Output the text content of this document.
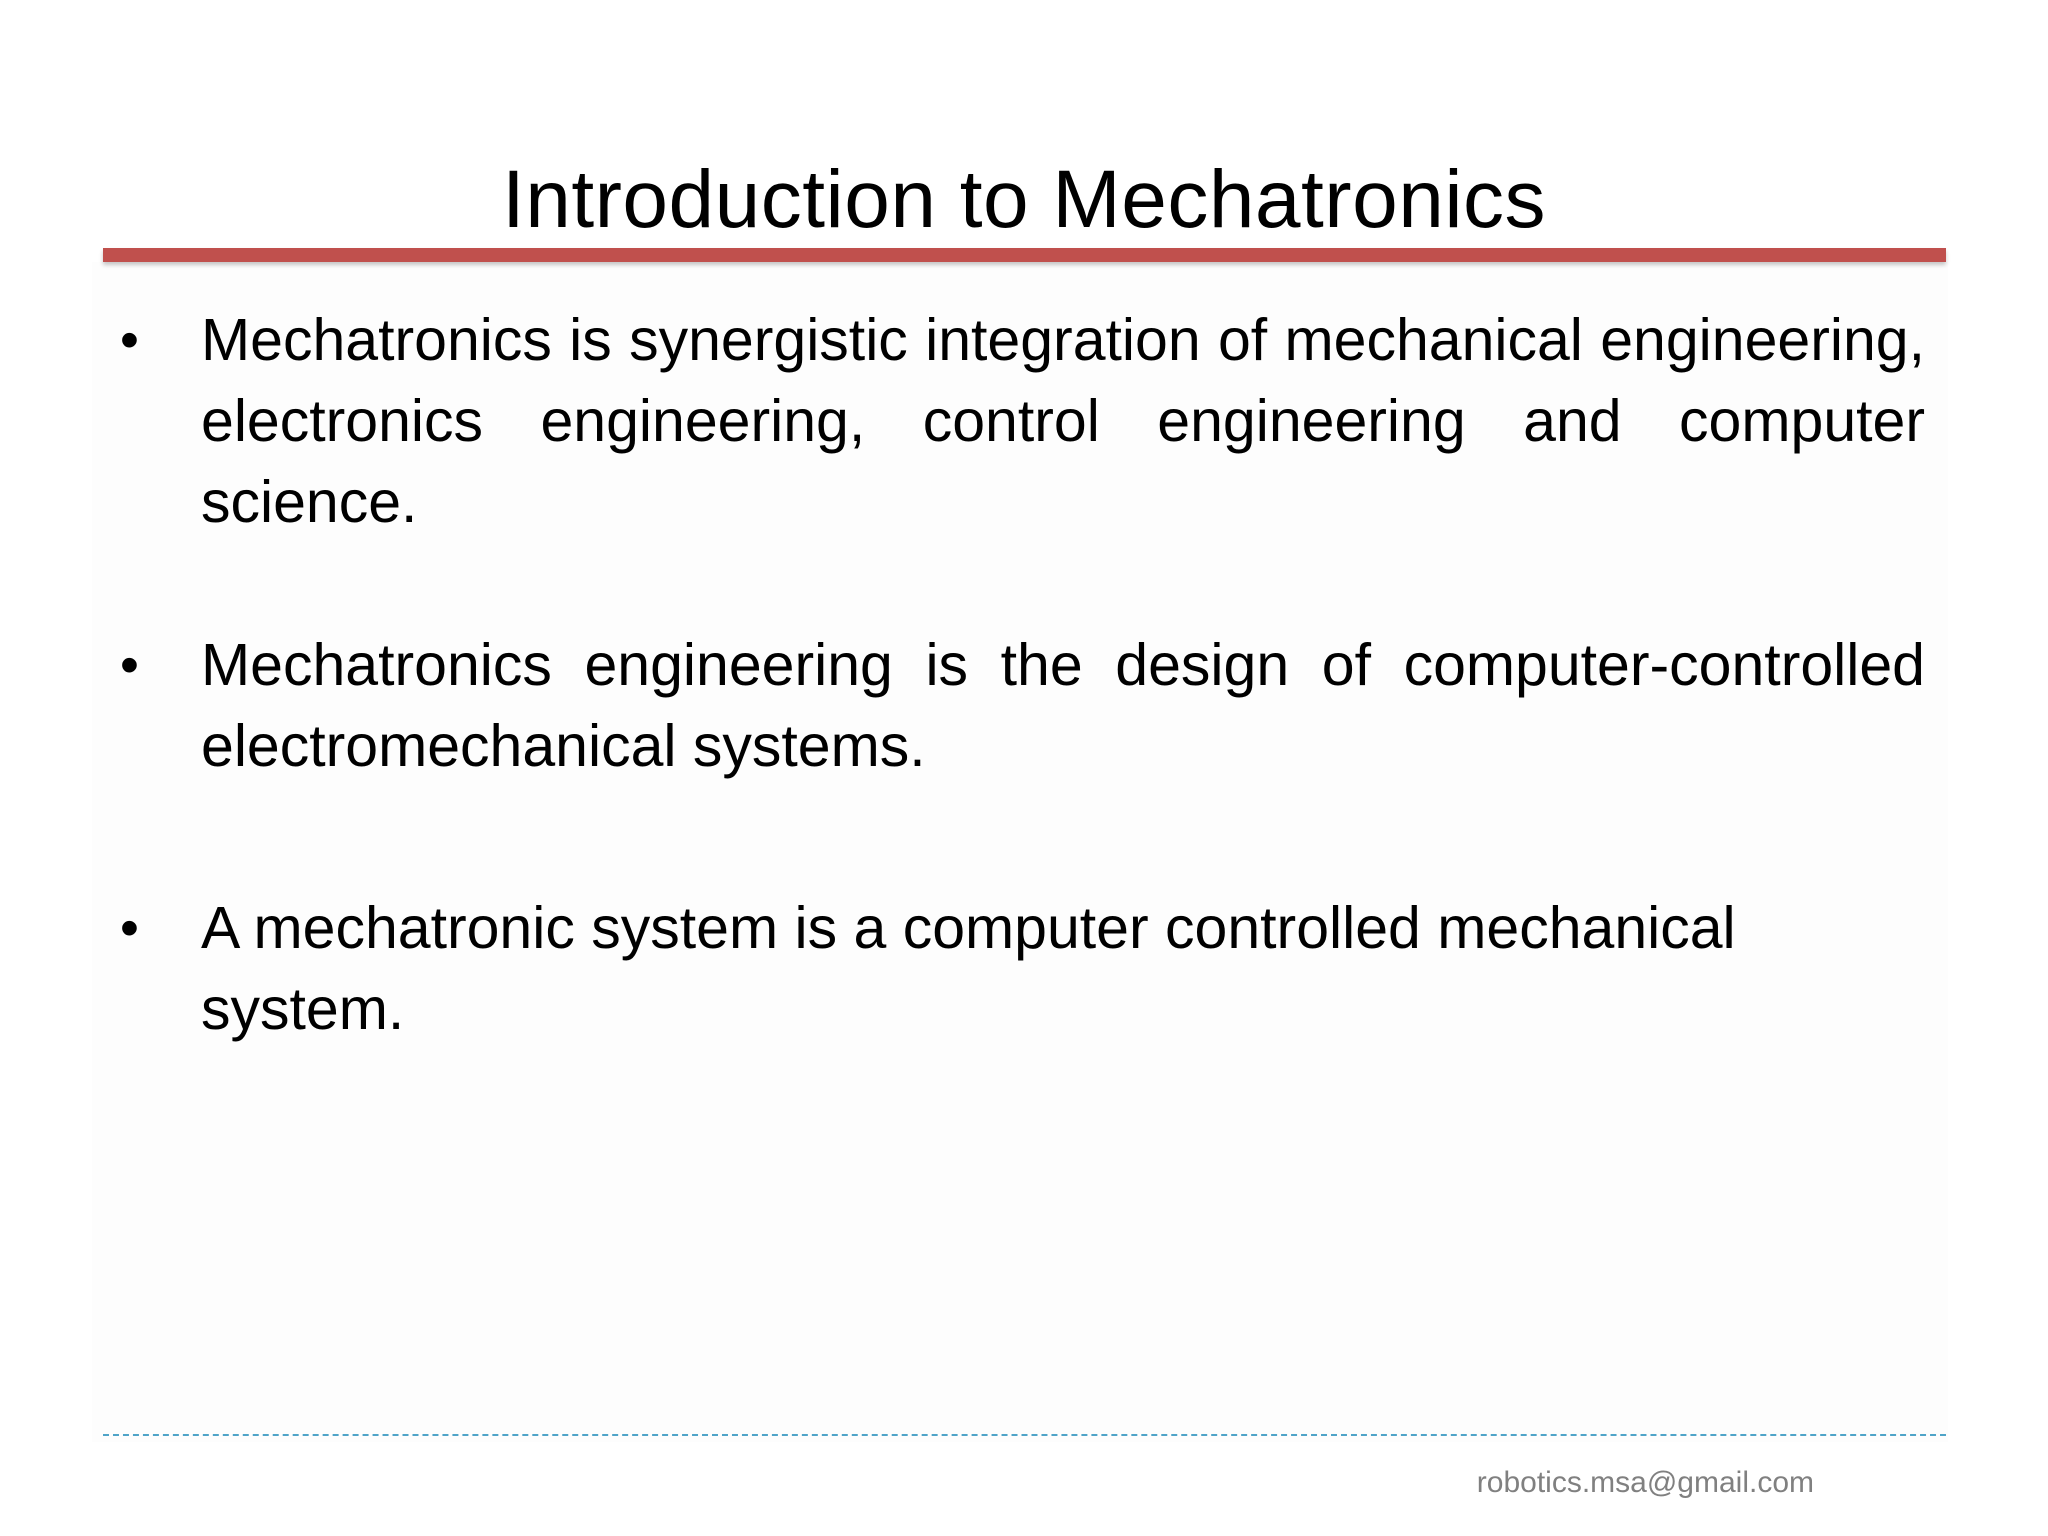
Introduction to Mechatronics
• Mechatronics is synergistic integration of mechanical engineering, electronics engineering, control engineering and computer science.
• Mechatronics engineering is the design of computer-controlled electromechanical systems.
• A mechatronic system is a computer controlled mechanical system.
robotics.msa@gmail.com
